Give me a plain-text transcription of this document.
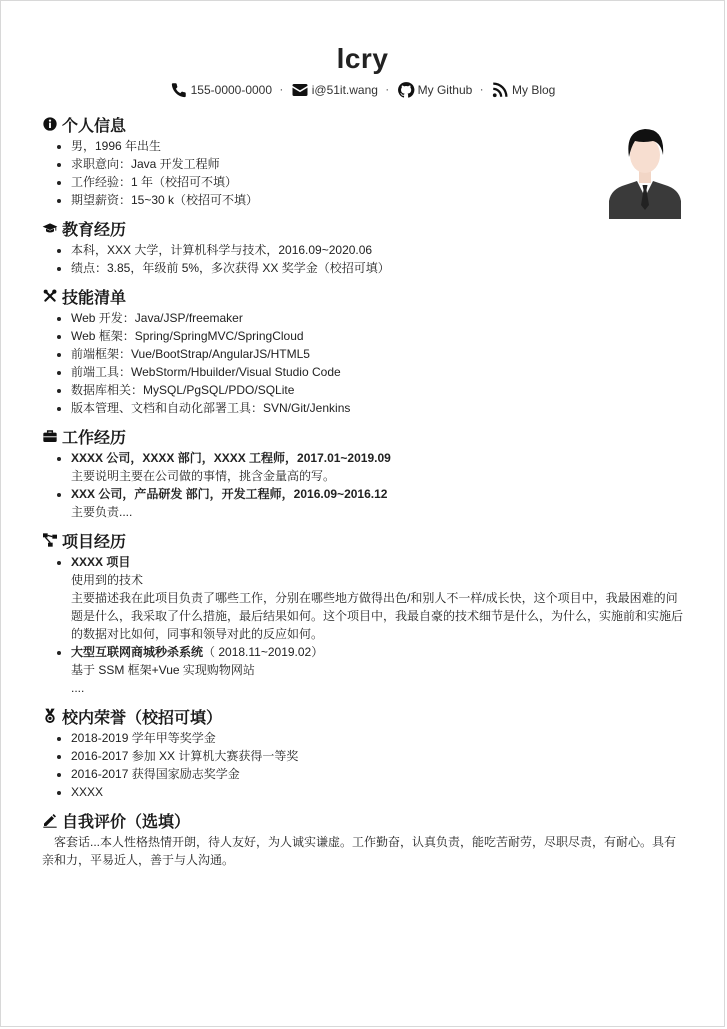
lcry
155-0000-0000 · i@51it.wang · My Github · My Blog
个人信息
• 男，1996 年出生
• 求职意向：Java 开发工程师
• 工作经验：1 年（校招可不填）
• 期望薪资：15~30 k（校招可不填）
教育经历
• 本科，XXX 大学，计算机科学与技术，2016.09~2020.06
• 绩点：3.85，年级前 5%，多次获得 XX 奖学金（校招可填）
技能清单
• Web 开发：Java/JSP/freemaker
• Web 框架：Spring/SpringMVC/SpringCloud
• 前端框架：Vue/BootStrap/AngularJS/HTML5
• 前端工具：WebStorm/Hbuilder/Visual Studio Code
• 数据库相关：MySQL/PgSQL/PDO/SQLite
• 版本管理、文档和自动化部署工具：SVN/Git/Jenkins
工作经历
• XXXX 公司，XXXX 部门，XXXX 工程师，2017.01~2019.09
主要说明主要在公司做的事情，挑含金量高的写。
• XXX 公司，产品研发 部门，开发工程师，2016.09~2016.12
主要负责....
项目经历
• XXXX 项目
使用到的技术
主要描述我在此项目负责了哪些工作，分别在哪些地方做得出色/和别人不一样/成长快，这个项目中，我最困难的问题是什么，我采取了什么措施，最后结果如何。这个项目中，我最自豪的技术细节是什么，为什么，实施前和实施后的数据对比如何，同事和领导对此的反应如何。
• 大型互联网商城秒杀系统（ 2018.11~2019.02）
基于 SSM 框架+Vue 实现购物网站
....
校内荣誉（校招可填）
• 2018-2019 学年甲等奖学金
• 2016-2017 参加 XX 计算机大赛获得一等奖
• 2016-2017 获得国家励志奖学金
• XXXX
自我评价（选填）

客套话...本人性格热情开朗，待人友好，为人诚实谦虚。工作勤奋，认真负责，能吃苦耐劳，尽职尽责，有耐心。具有亲和力，平易近人，善于与人沟通。
